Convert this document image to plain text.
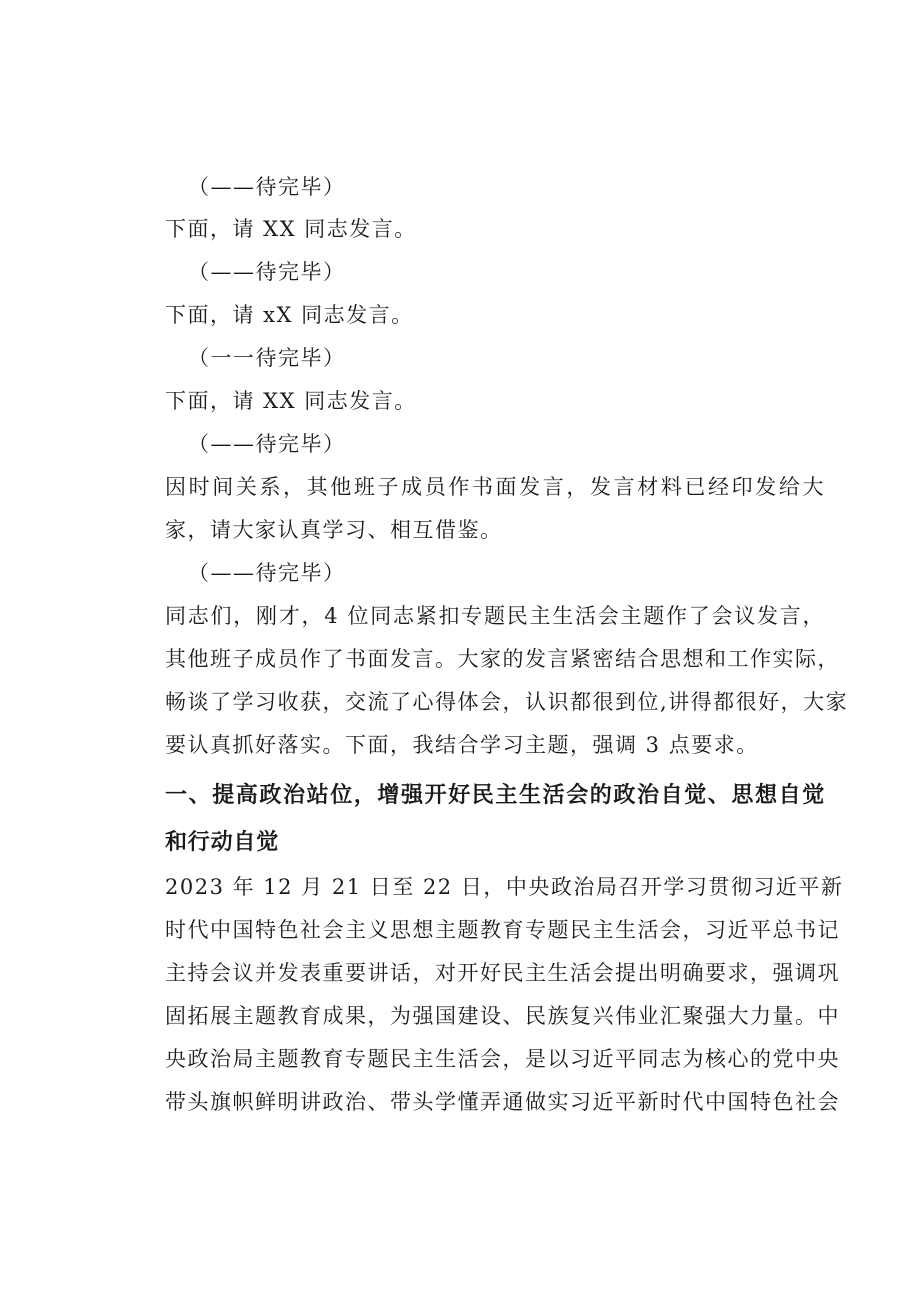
（——待完毕）
下面，请 XX 同志发言。
（——待完毕）
下面，请 xX 同志发言。
（一一待完毕）
下面，请 XX 同志发言。
（——待完毕）
因时间关系，其他班子成员作书面发言，发言材料已经印发给大
家，请大家认真学习、相互借鉴。
（——待完毕）
同志们，刚才，4 位同志紧扣专题民主生活会主题作了会议发言，
其他班子成员作了书面发言。大家的发言紧密结合思想和工作实际，
畅谈了学习收获，交流了心得体会，认识都很到位,讲得都很好，大家
要认真抓好落实。下面，我结合学习主题，强调 3 点要求。
一、提高政治站位，增强开好民主生活会的政治自觉、思想自觉
和行动自觉
2023 年 12 月 21 日至 22 日，中央政治局召开学习贯彻习近平新
时代中国特色社会主义思想主题教育专题民主生活会，习近平总书记
主持会议并发表重要讲话，对开好民主生活会提出明确要求，强调巩
固拓展主题教育成果，为强国建设、民族复兴伟业汇聚强大力量。中
央政治局主题教育专题民主生活会，是以习近平同志为核心的党中央
带头旗帜鲜明讲政治、带头学懂弄通做实习近平新时代中国特色社会
